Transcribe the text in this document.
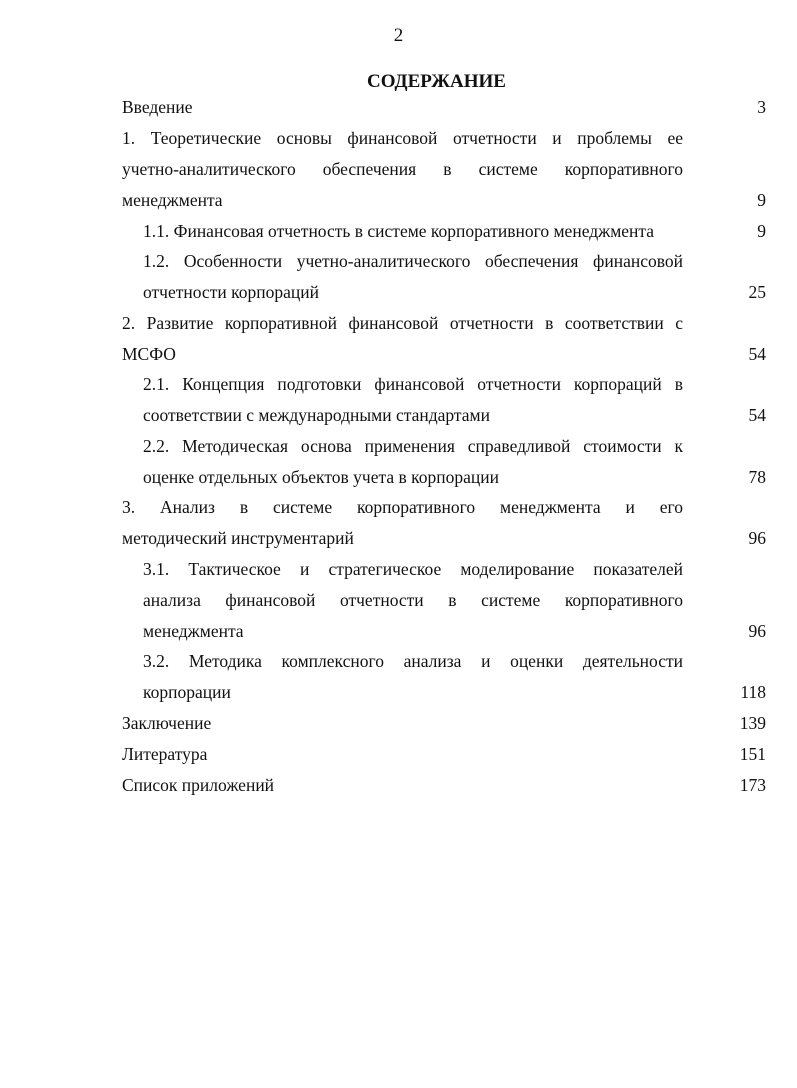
2
СОДЕРЖАНИЕ
Введение	3
1. Теоретические основы финансовой отчетности и проблемы ее
учетно-аналитического обеспечения в системе корпоративного
менеджмента	9
1.1. Финансовая отчетность в системе корпоративного менеджмента	9
1.2. Особенности учетно-аналитического обеспечения финансовой
отчетности корпораций	25
2. Развитие корпоративной финансовой отчетности в соответствии с
МСФО	54
2.1. Концепция подготовки финансовой отчетности корпораций в
соответствии с международными стандартами	54
2.2. Методическая основа применения справедливой стоимости к
оценке отдельных объектов учета в корпорации	78
3. Анализ в системе корпоративного менеджмента и его
методический инструментарий	96
3.1. Тактическое и стратегическое моделирование показателей
анализа финансовой отчетности в системе корпоративного
менеджмента	96
3.2. Методика комплексного анализа и оценки деятельности
корпорации	118
Заключение	139
Литература	151
Список приложений	173
